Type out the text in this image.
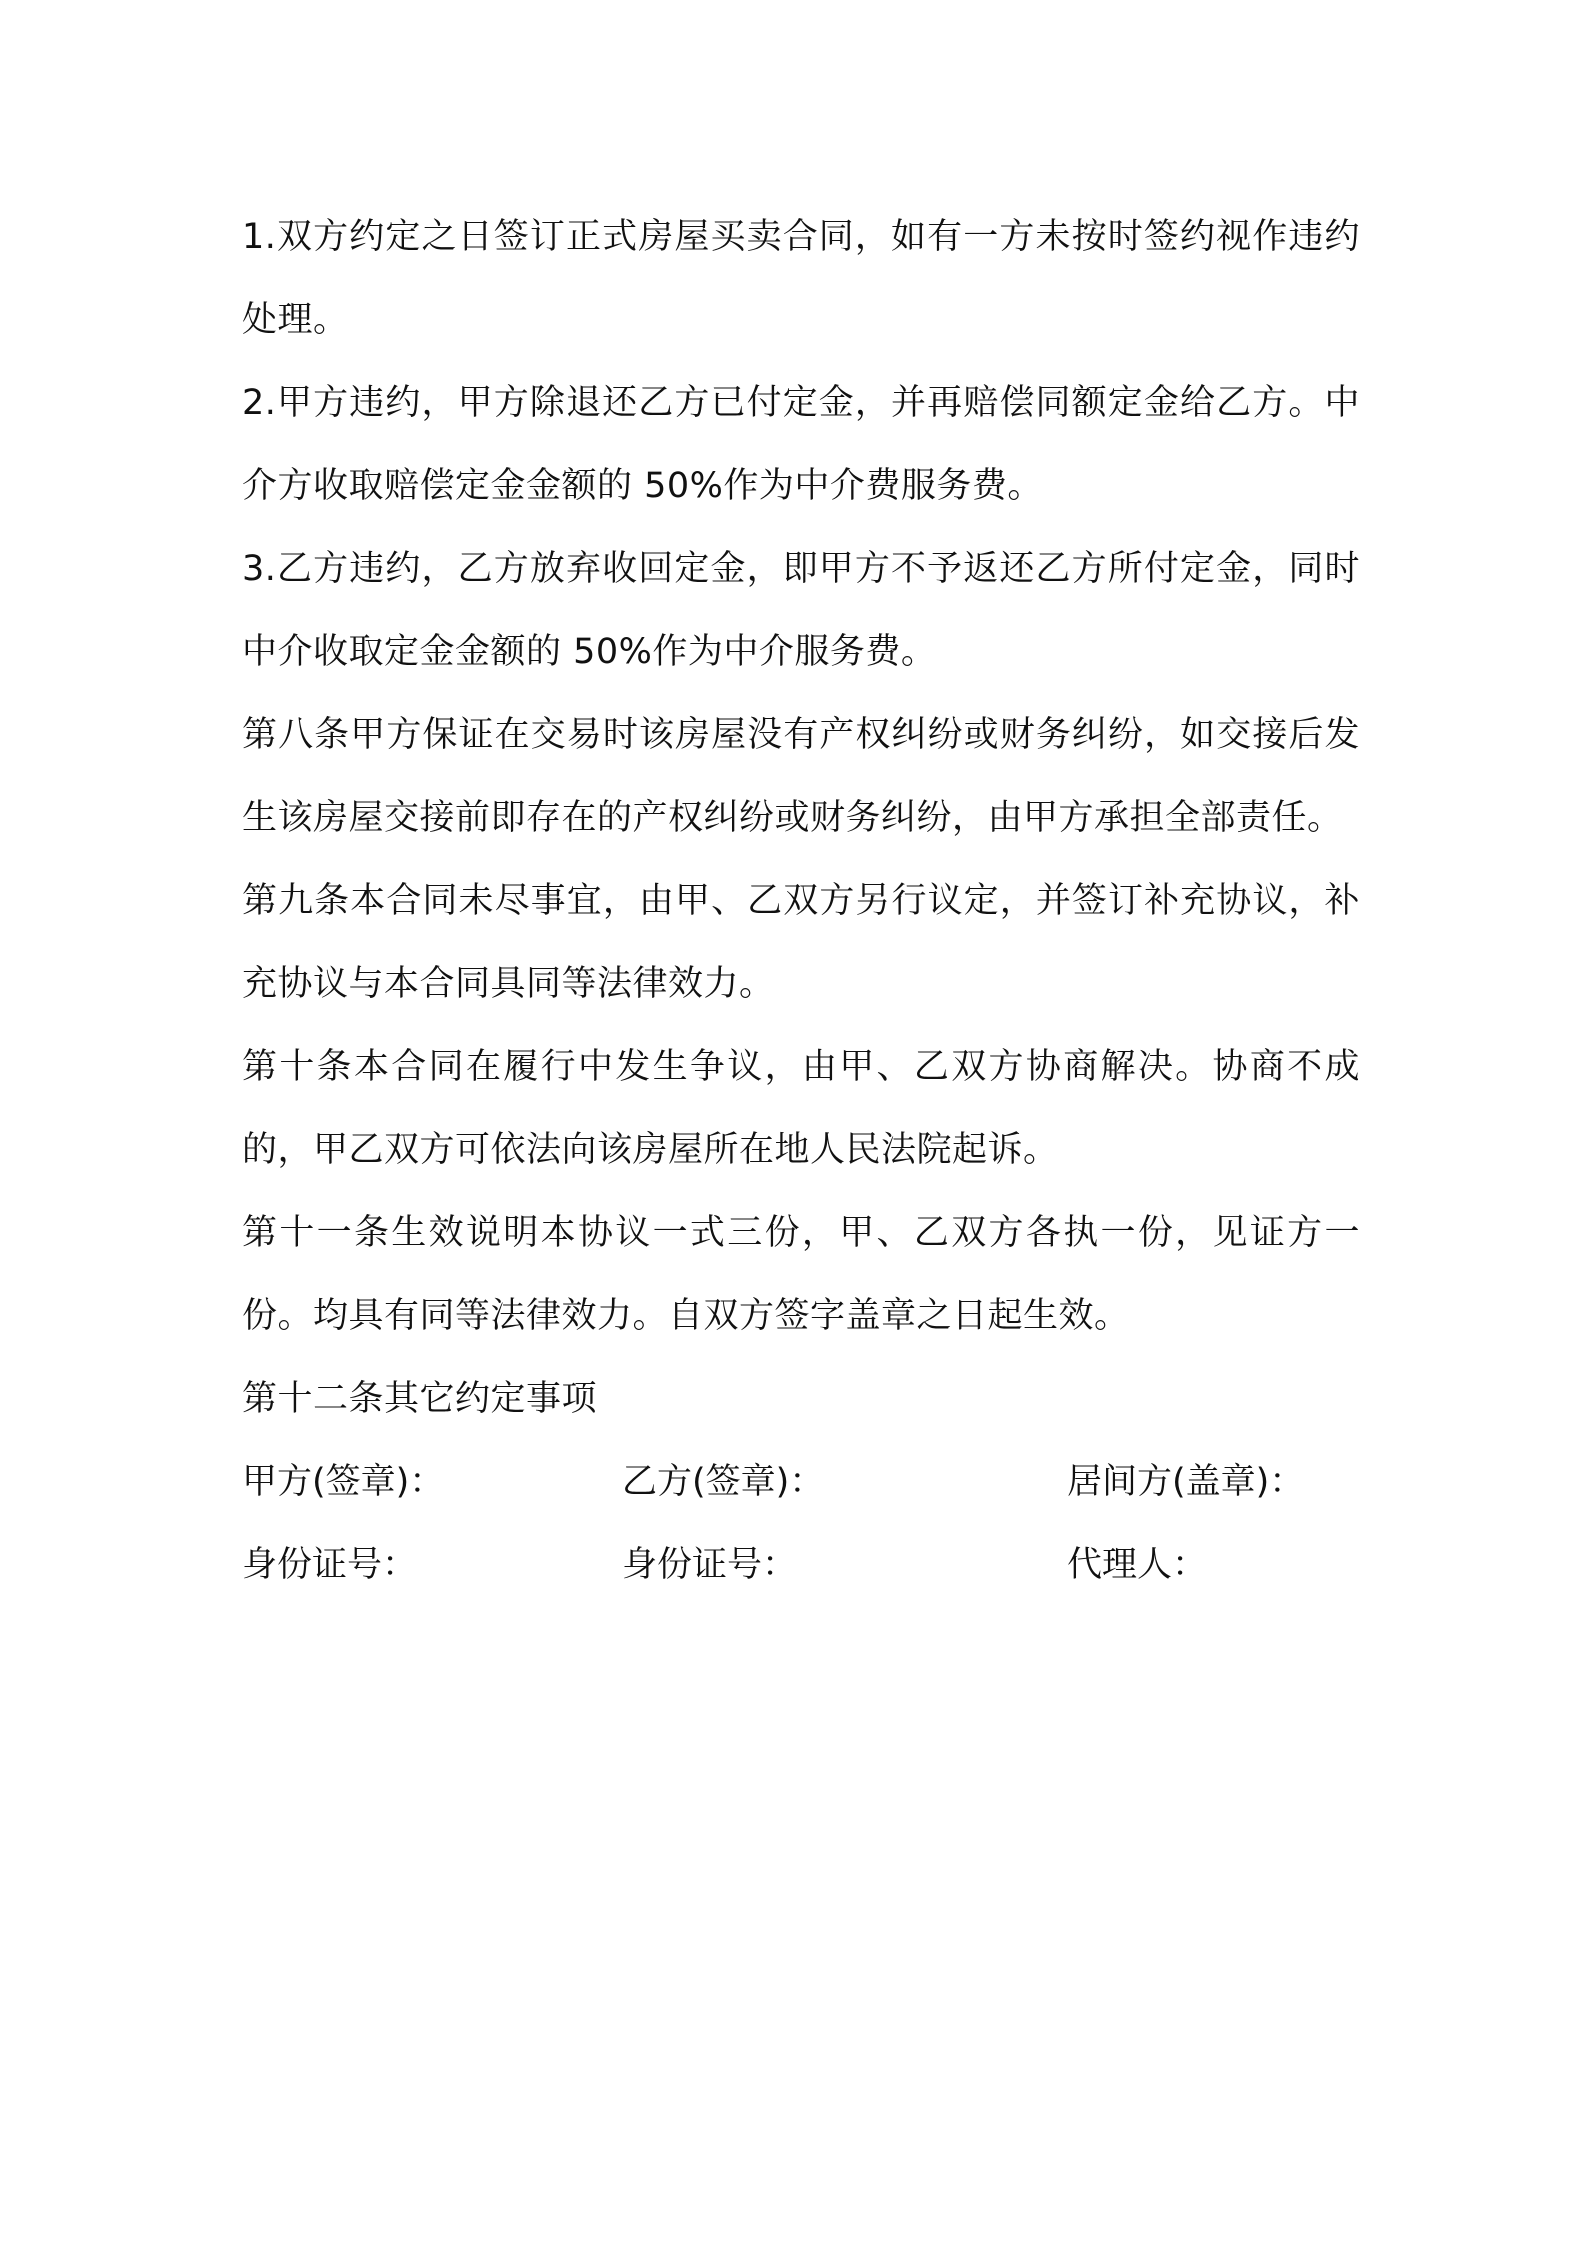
1.双方约定之日签订正式房屋买卖合同，如有一方未按时签约视作违约处理。

2.甲方违约，甲方除退还乙方已付定金，并再赔偿同额定金给乙方。中介方收取赔偿定金金额的 50%作为中介费服务费。

3.乙方违约，乙方放弃收回定金，即甲方不予返还乙方所付定金，同时中介收取定金金额的 50%作为中介服务费。

第八条甲方保证在交易时该房屋没有产权纠纷或财务纠纷，如交接后发生该房屋交接前即存在的产权纠纷或财务纠纷，由甲方承担全部责任。

第九条本合同未尽事宜，由甲、乙双方另行议定，并签订补充协议，补充协议与本合同具同等法律效力。

第十条本合同在履行中发生争议，由甲、乙双方协商解决。协商不成的，甲乙双方可依法向该房屋所在地人民法院起诉。

第十一条生效说明本协议一式三份，甲、乙双方各执一份，见证方一份。均具有同等法律效力。自双方签字盖章之日起生效。

第十二条其它约定事项

甲方(签章)：	乙方(签章)：	居间方(盖章)：
身份证号：	身份证号：	代理人：
